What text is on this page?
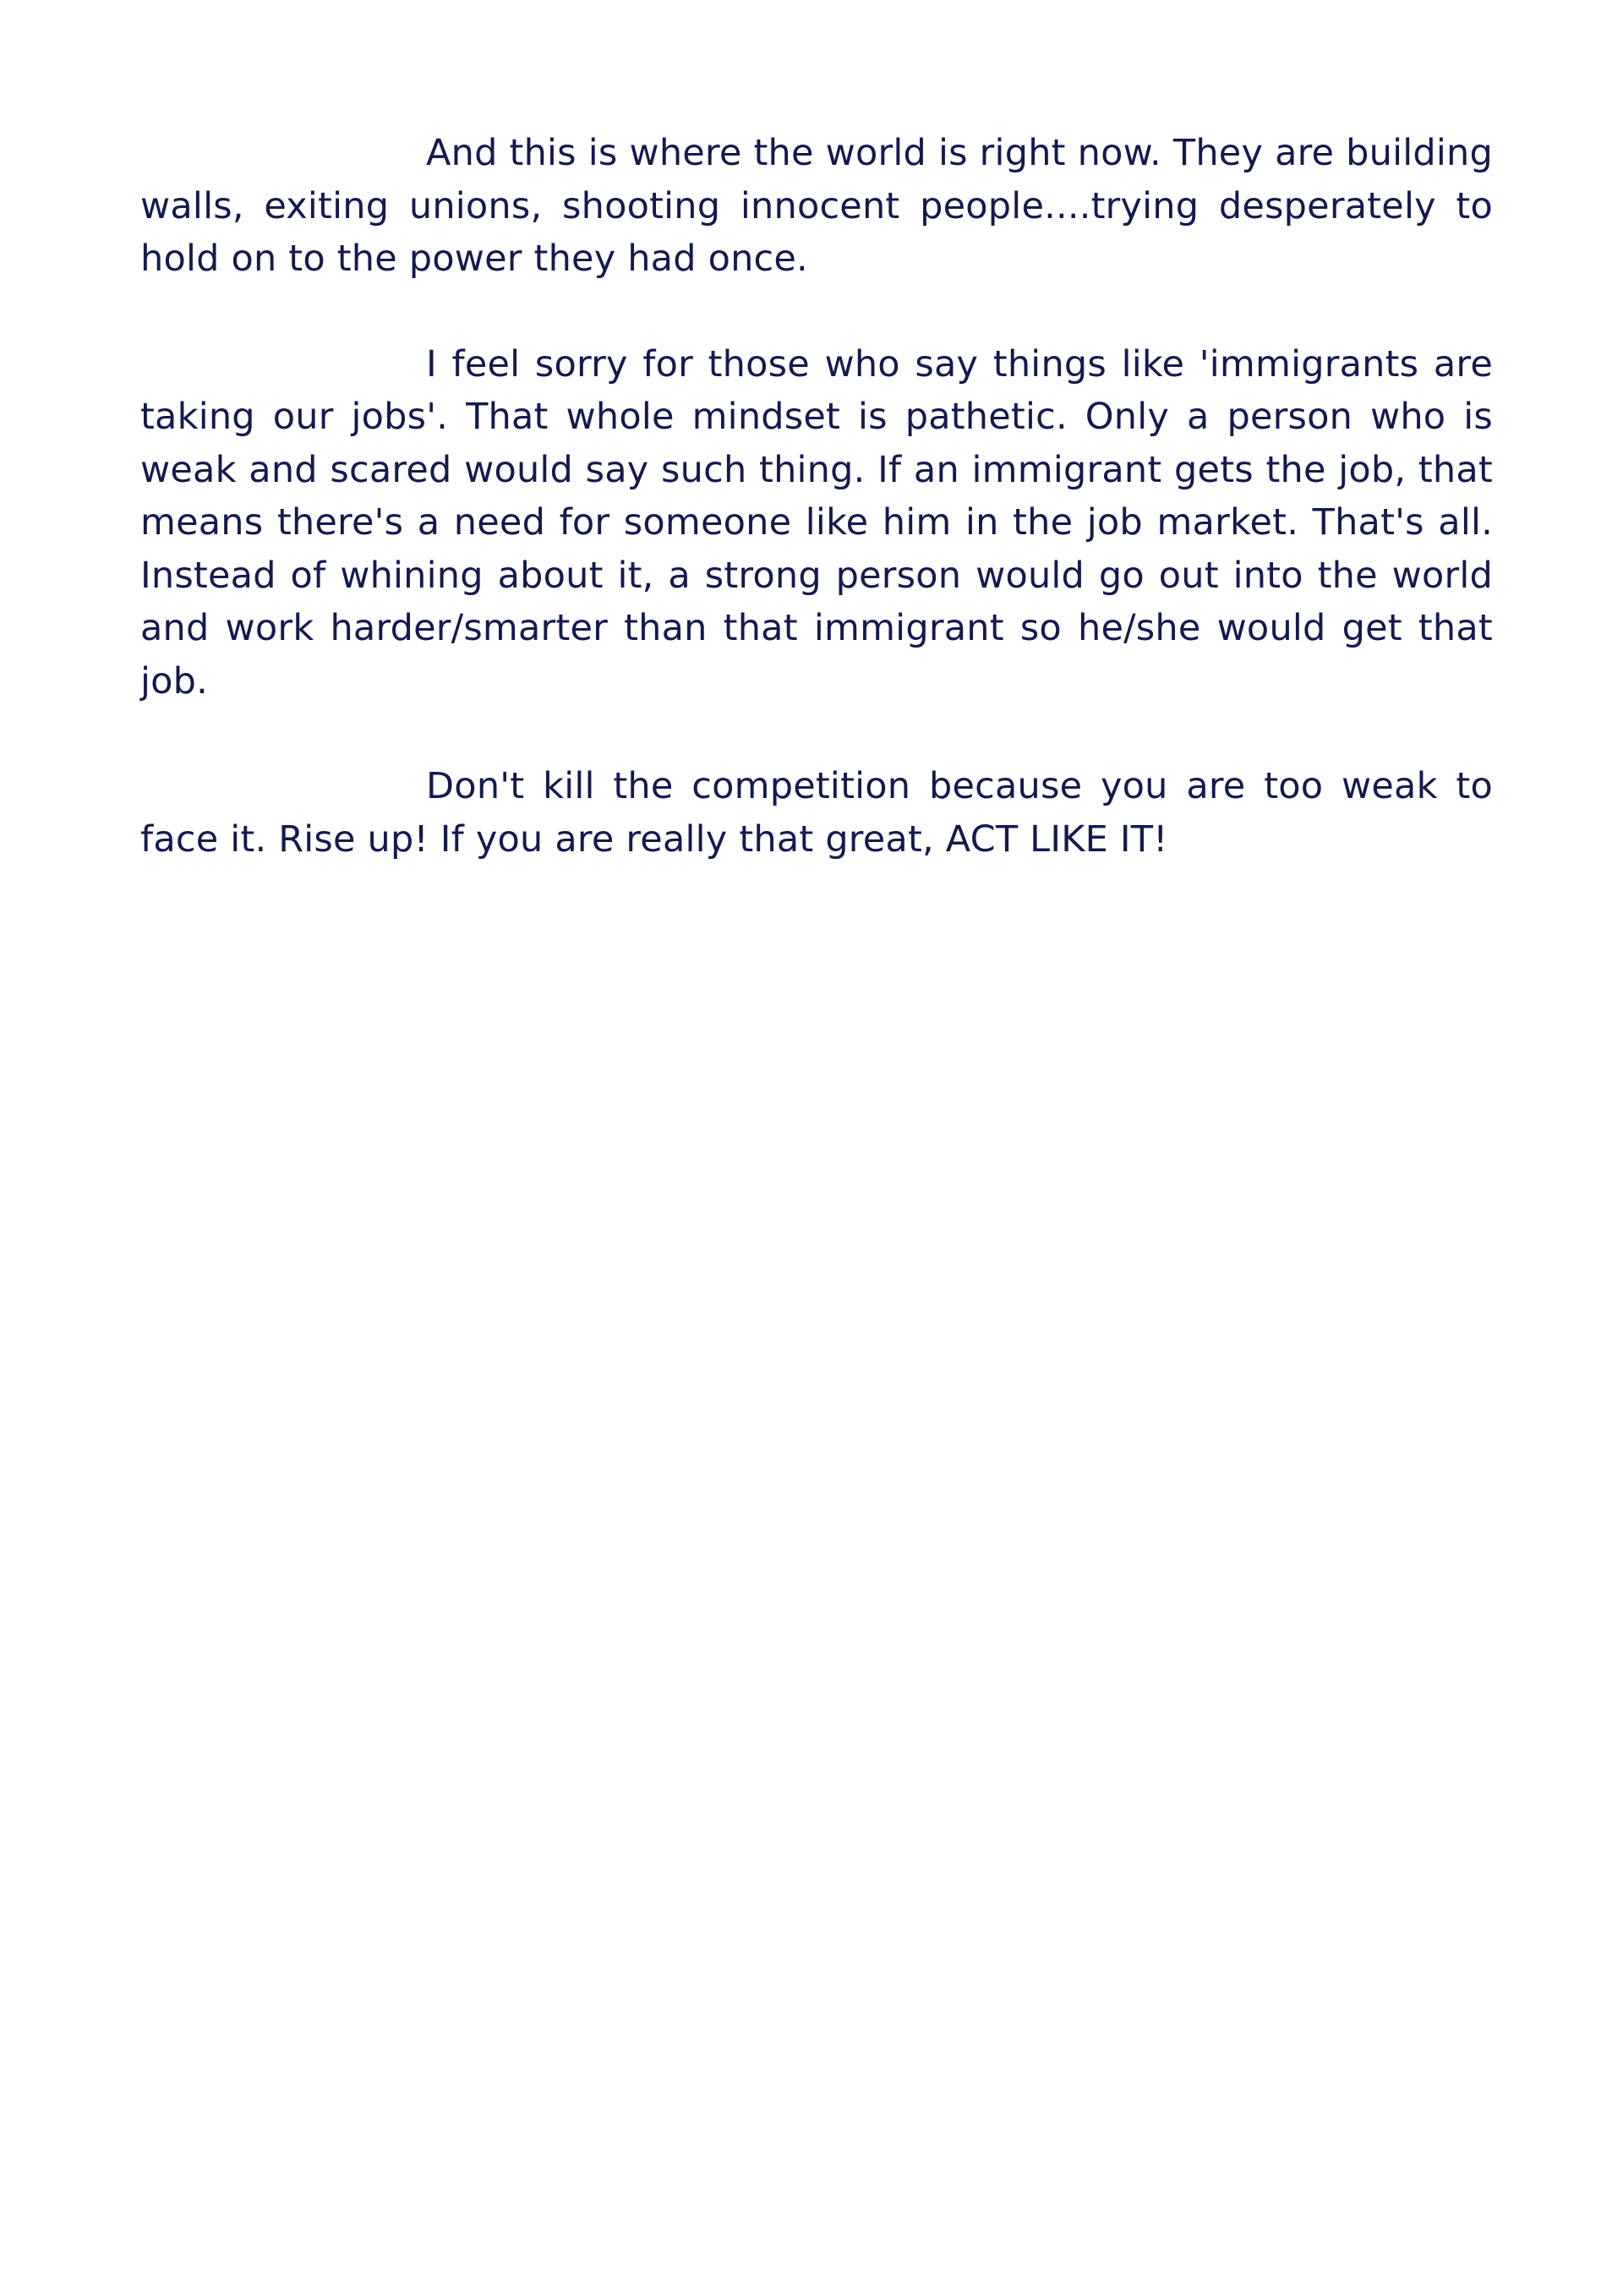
And this is where the world is right now. They are building walls, exiting unions, shooting innocent people....trying desperately to hold on to the power they had once.

I feel sorry for those who say things like 'immigrants are taking our jobs'. That whole mindset is pathetic. Only a person who is weak and scared would say such thing. If an immigrant gets the job, that means there's a need for someone like him in the job market. That's all. Instead of whining about it, a strong person would go out into the world and work harder/smarter than that immigrant so he/she would get that job.

Don't kill the competition because you are too weak to face it. Rise up! If you are really that great, ACT LIKE IT!
